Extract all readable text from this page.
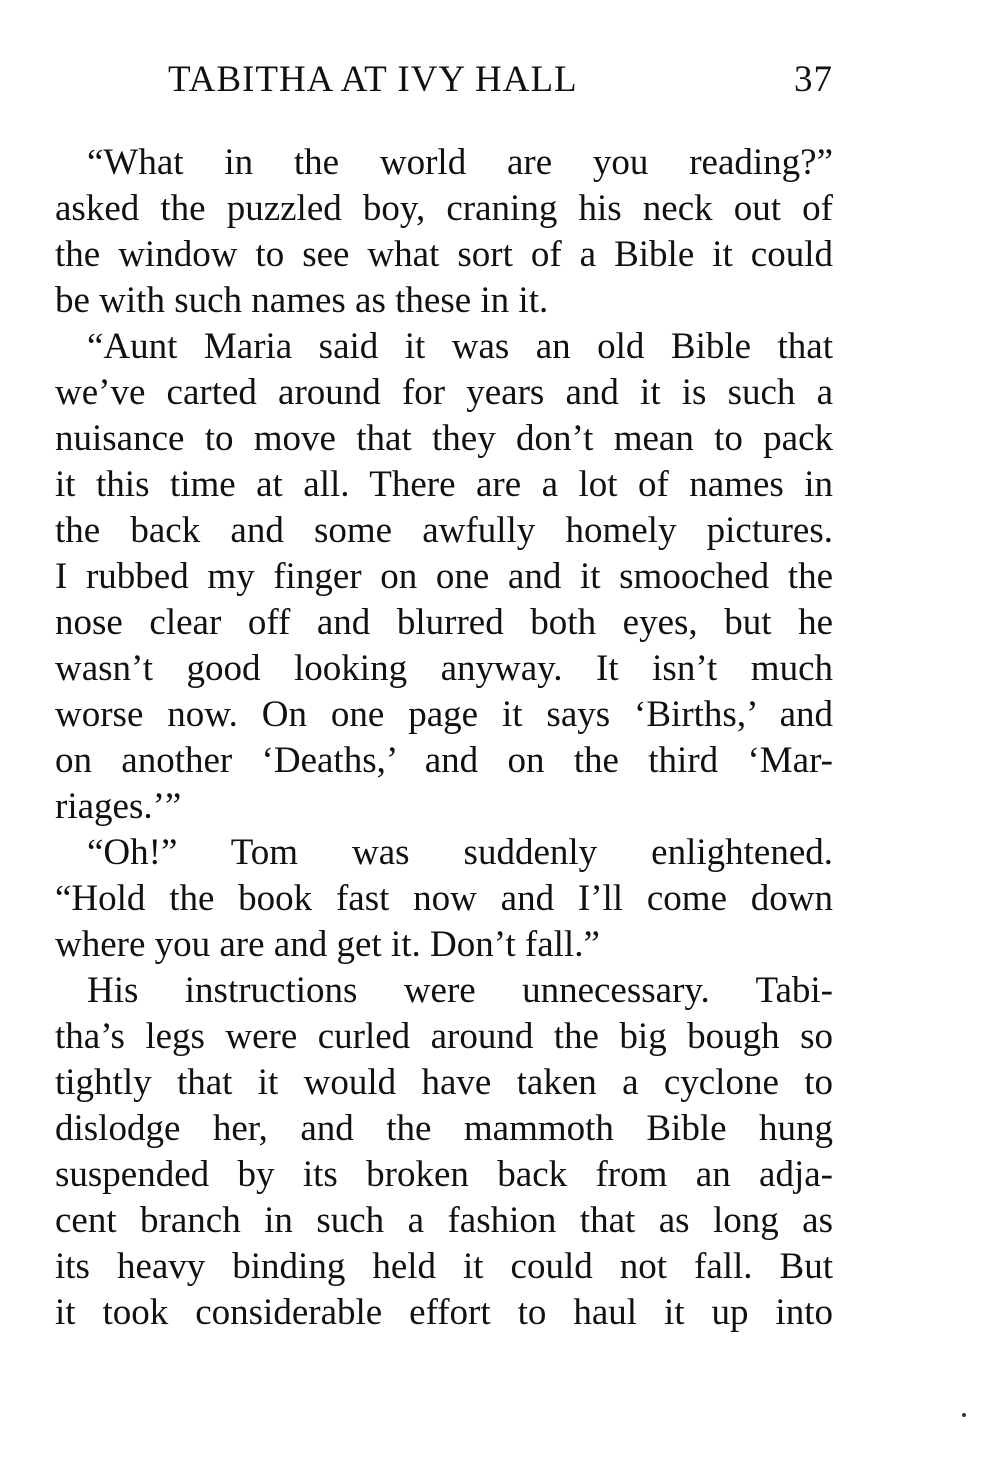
TABITHA AT IVY HALL	37
“What in the world are you reading?”
asked the puzzled boy, craning his neck out of
the window to see what sort of a Bible it could
be with such names as these in it.
“Aunt Maria said it was an old Bible that
we’ve carted around for years and it is such a
nuisance to move that they don’t mean to pack
it this time at all. There are a lot of names in
the back and some awfully homely pictures.
I rubbed my finger on one and it smooched the
nose clear off and blurred both eyes, but he
wasn’t good looking anyway. It isn’t much
worse now. On one page it says ‘Births,’ and
on another ‘Deaths,’ and on the third ‘Mar-
riages.’”
“Oh!” Tom was suddenly enlightened.
“Hold the book fast now and I’ll come down
where you are and get it. Don’t fall.”
His instructions were unnecessary. Tabi-
tha’s legs were curled around the big bough so
tightly that it would have taken a cyclone to
dislodge her, and the mammoth Bible hung
suspended by its broken back from an adja-
cent branch in such a fashion that as long as
its heavy binding held it could not fall. But
it took considerable effort to haul it up into
